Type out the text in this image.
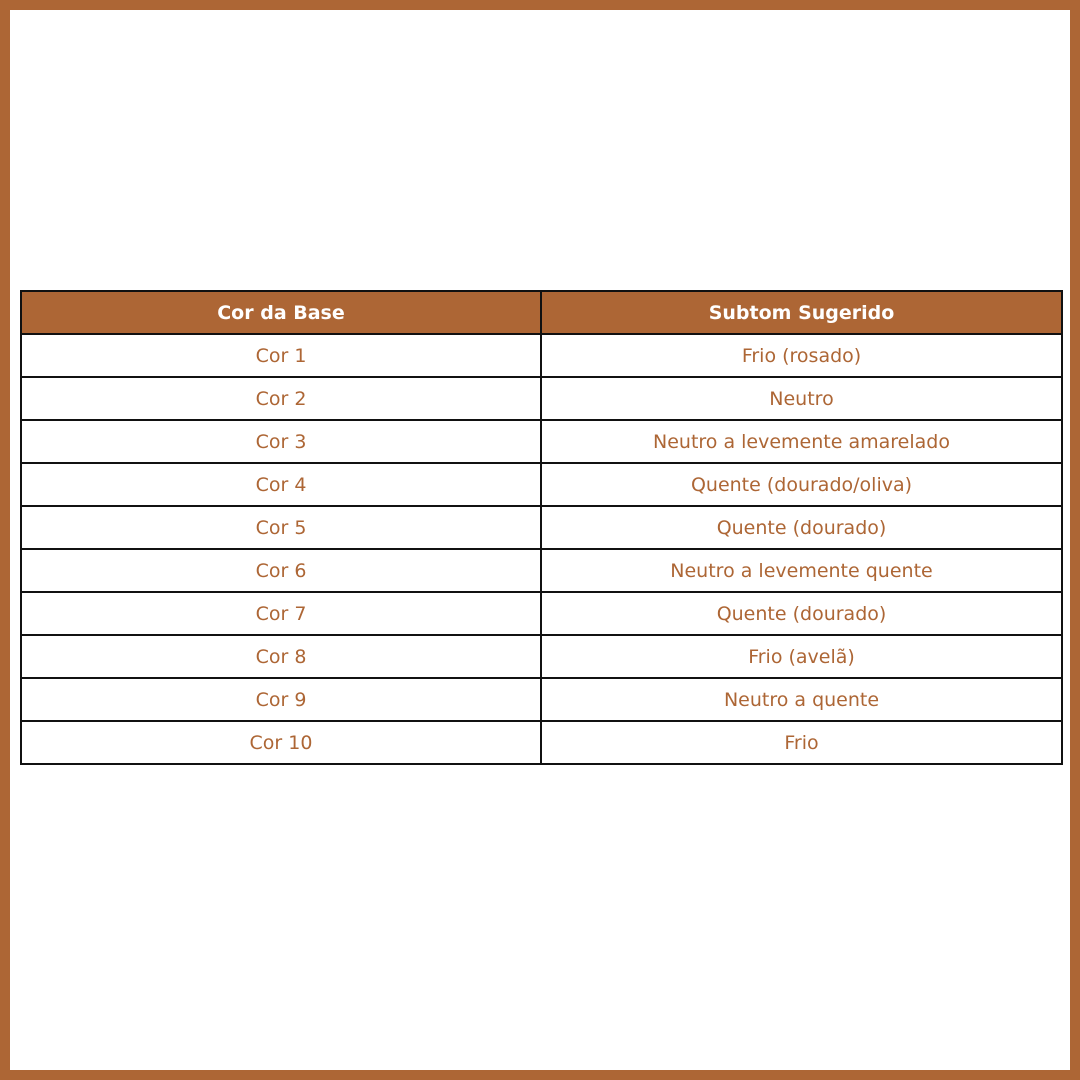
Cor da Base	Subtom Sugerido
Cor 1	Frio (rosado)
Cor 2	Neutro
Cor 3	Neutro a levemente amarelado
Cor 4	Quente (dourado/oliva)
Cor 5	Quente (dourado)
Cor 6	Neutro a levemente quente
Cor 7	Quente (dourado)
Cor 8	Frio (avelã)
Cor 9	Neutro a quente
Cor 10	Frio
